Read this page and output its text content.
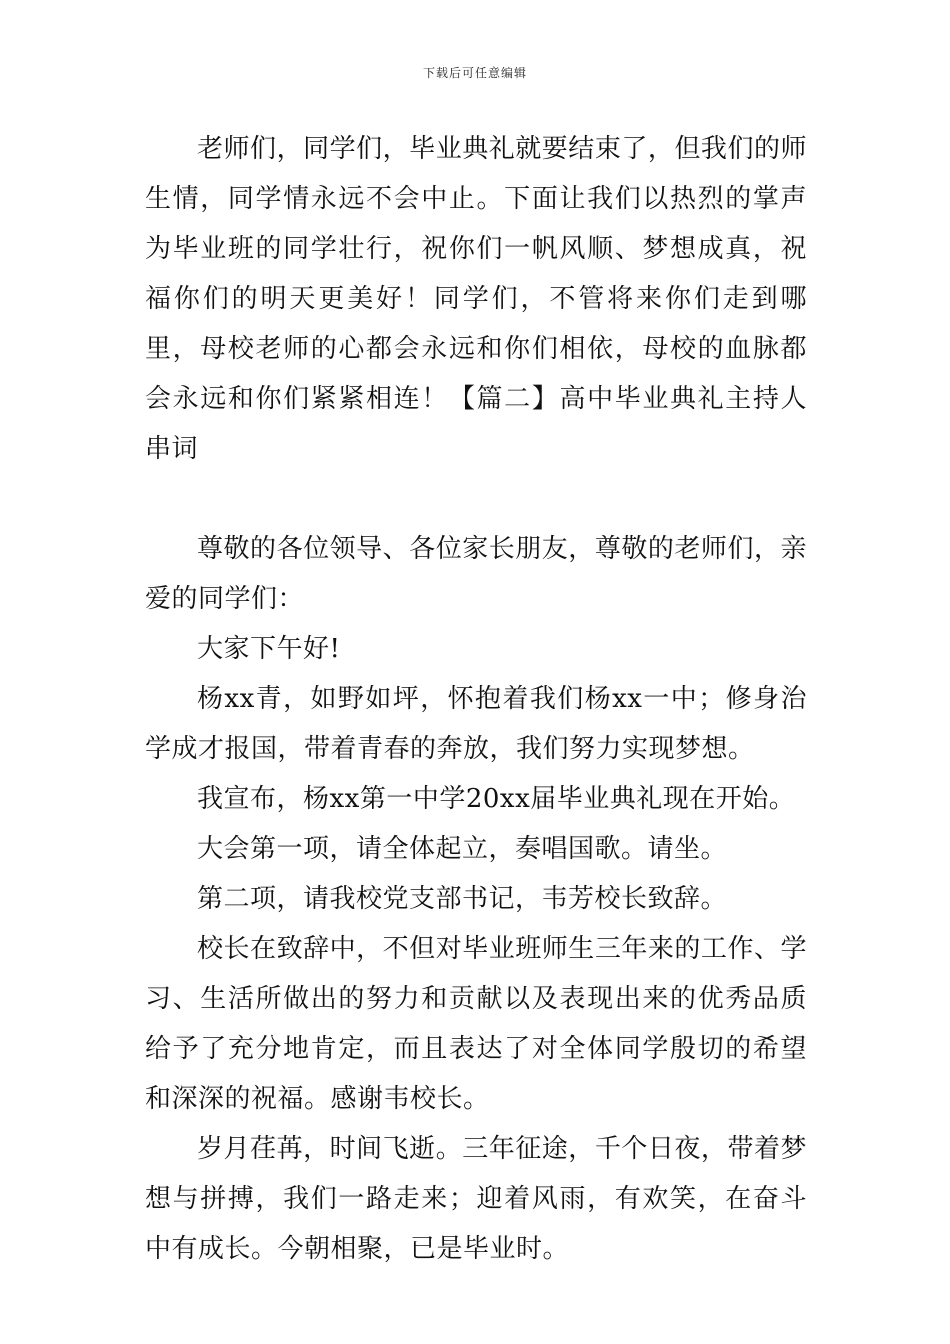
下载后可任意编辑

老师们，同学们，毕业典礼就要结束了，但我们的师生情，同学情永远不会中止。下面让我们以热烈的掌声为毕业班的同学壮行，祝你们一帆风顺、梦想成真，祝福你们的明天更美好！同学们，不管将来你们走到哪里，母校老师的心都会永远和你们相依，母校的血脉都会永远和你们紧紧相连！【篇二】高中毕业典礼主持人串词

尊敬的各位领导、各位家长朋友，尊敬的老师们，亲爱的同学们：

大家下午好!

杨xx青，如野如坪，怀抱着我们杨xx一中；修身治学成才报国，带着青春的奔放，我们努力实现梦想。

我宣布，杨xx第一中学20xx届毕业典礼现在开始。

大会第一项，请全体起立，奏唱国歌。请坐。

第二项，请我校党支部书记，韦芳校长致辞。

校长在致辞中，不但对毕业班师生三年来的工作、学习、生活所做出的努力和贡献以及表现出来的优秀品质给予了充分地肯定，而且表达了对全体同学殷切的希望和深深的祝福。感谢韦校长。

岁月荏苒，时间飞逝。三年征途，千个日夜，带着梦想与拼搏，我们一路走来；迎着风雨，有欢笑，在奋斗中有成长。今朝相聚，已是毕业时。
